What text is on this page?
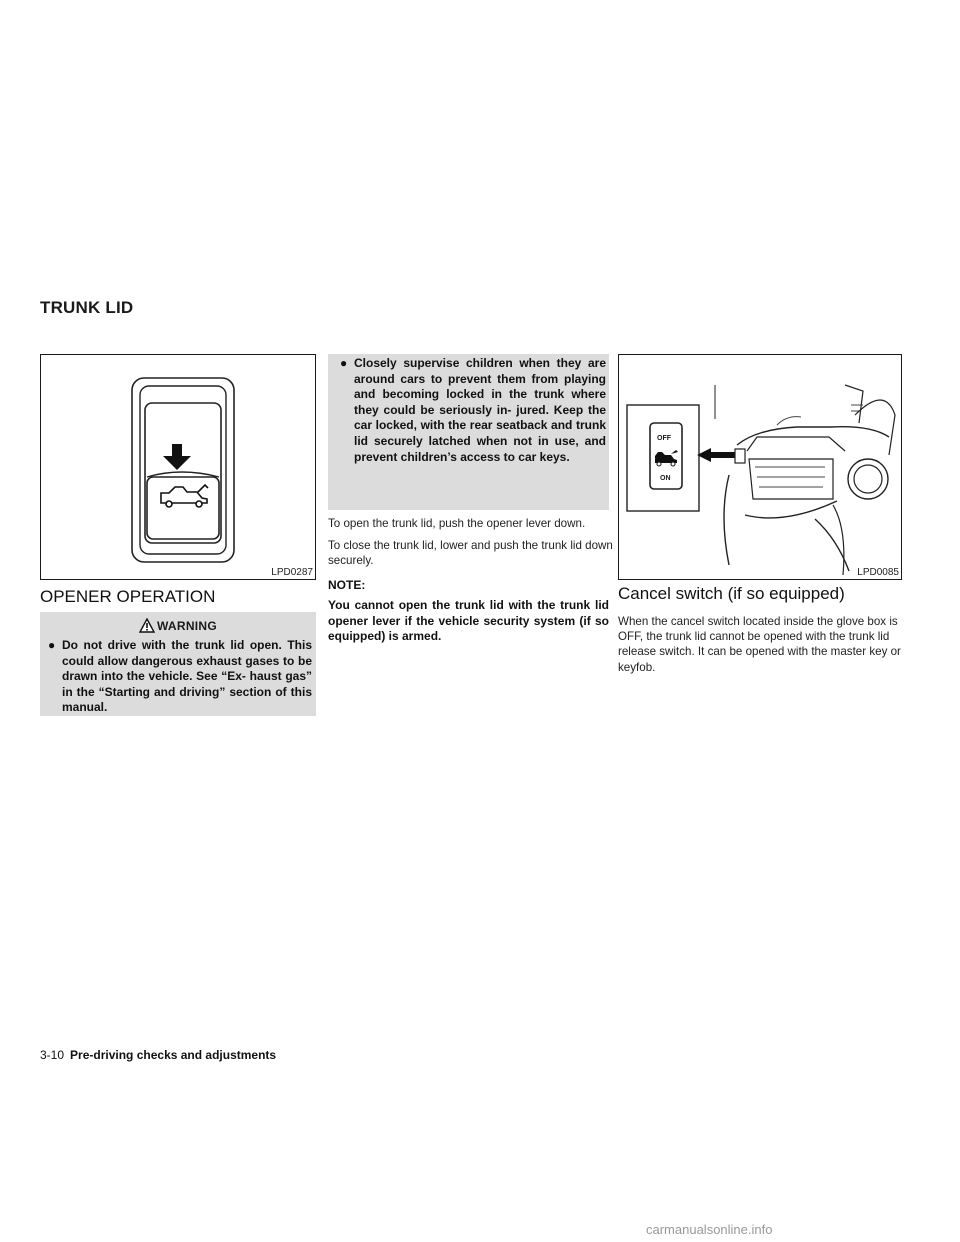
TRUNK LID
LPD0287
OPENER OPERATION
WARNING
● Do not drive with the trunk lid open. This could allow dangerous exhaust gases to be drawn into the vehicle. See “Ex- haust gas” in the “Starting and driving” section of this manual.
● Closely supervise children when they are around cars to prevent them from playing and becoming locked in the trunk where they could be seriously in- jured. Keep the car locked, with the rear seatback and trunk lid securely latched when not in use, and prevent children’s access to car keys.
To open the trunk lid, push the opener lever down.
To close the trunk lid, lower and push the trunk lid down securely.
NOTE:
You cannot open the trunk lid with the trunk lid opener lever if the vehicle security system (if so equipped) is armed.
OFF
ON
LPD0085
Cancel switch (if so equipped)
When the cancel switch located inside the glove box is OFF, the trunk lid cannot be opened with the trunk lid release switch. It can be opened with the master key or keyfob.
3-10 Pre-driving checks and adjustments
carmanualsonline.info
